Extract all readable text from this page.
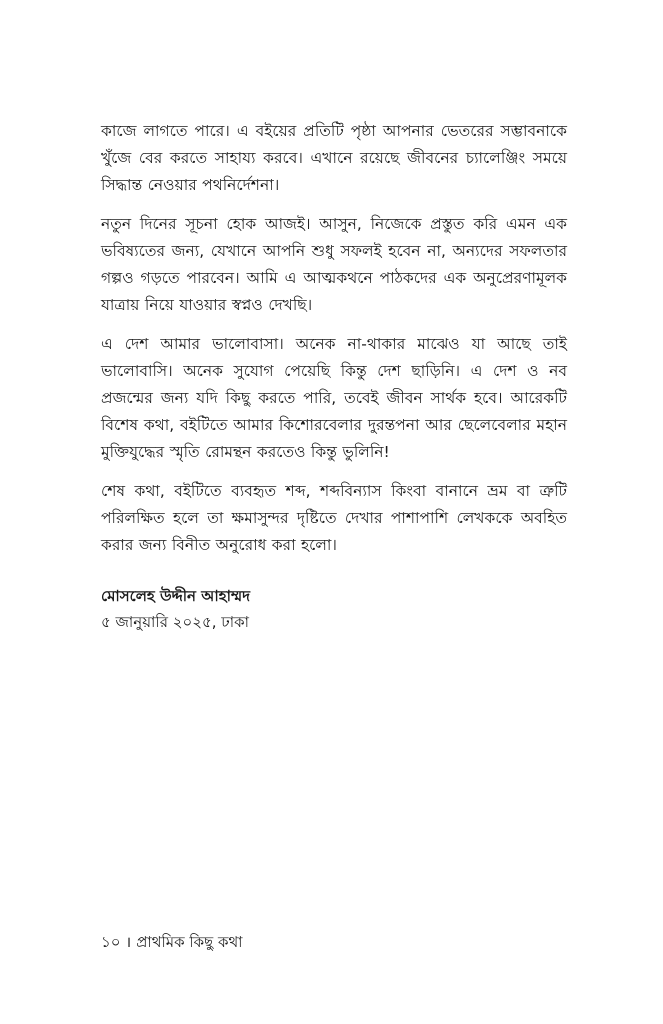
কাজে লাগতে পারে। এ বইয়ের প্রতিটি পৃষ্ঠা আপনার ভেতরের সম্ভাবনাকে খুঁজে বের করতে সাহায্য করবে। এখানে রয়েছে জীবনের চ্যালেঞ্জিং সময়ে সিদ্ধান্ত নেওয়ার পথনির্দেশনা।

নতুন দিনের সূচনা হোক আজই। আসুন, নিজেকে প্রস্তুত করি এমন এক ভবিষ্যতের জন্য, যেখানে আপনি শুধু সফলই হবেন না, অন্যদের সফলতার গল্পও গড়তে পারবেন। আমি এ আত্মকথনে পাঠকদের এক অনুপ্রেরণামূলক যাত্রায় নিয়ে যাওয়ার স্বপ্নও দেখছি।

এ দেশ আমার ভালোবাসা। অনেক না-থাকার মাঝেও যা আছে তাই ভালোবাসি। অনেক সুযোগ পেয়েছি কিন্তু দেশ ছাড়িনি। এ দেশ ও নব প্রজন্মের জন্য যদি কিছু করতে পারি, তবেই জীবন সার্থক হবে। আরেকটি বিশেষ কথা, বইটিতে আমার কিশোরবেলার দুরন্তপনা আর ছেলেবেলার মহান মুক্তিযুদ্ধের স্মৃতি রোমন্থন করতেও কিন্তু ভুলিনি!

শেষ কথা, বইটিতে ব্যবহৃত শব্দ, শব্দবিন্যাস কিংবা বানানে ভ্রম বা ত্রুটি পরিলক্ষিত হলে তা ক্ষমাসুন্দর দৃষ্টিতে দেখার পাশাপাশি লেখককে অবহিত করার জন্য বিনীত অনুরোধ করা হলো।

মোসলেহ উদ্দীন আহাম্মদ

৫ জানুয়ারি ২০২৫, ঢাকা

১০ । প্রাথমিক কিছু কথা
